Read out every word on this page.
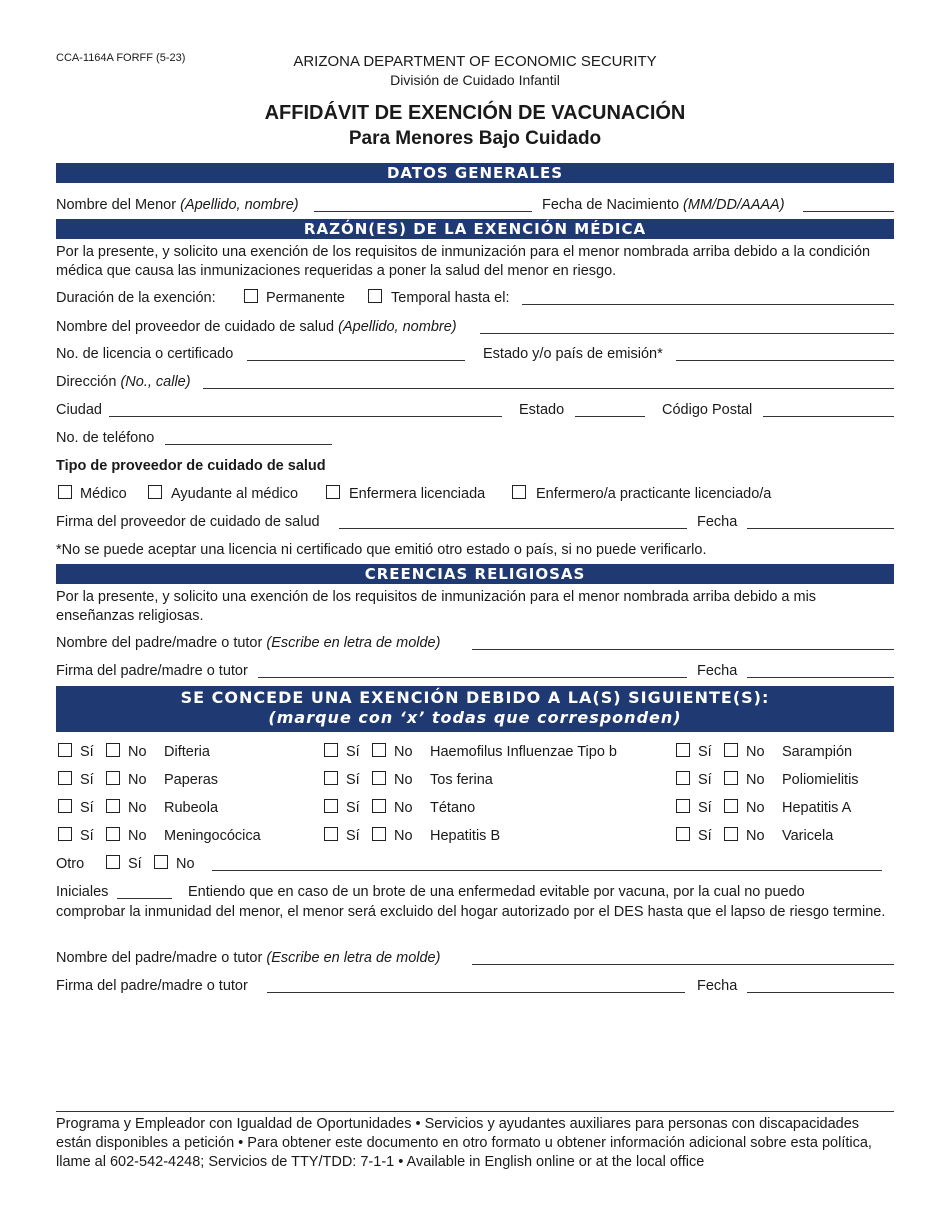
CCA-1164A FORFF (5-23)	ARIZONA DEPARTMENT OF ECONOMIC SECURITY
División de Cuidado Infantil
AFFIDÁVIT DE EXENCIÓN DE VACUNACIÓN
Para Menores Bajo Cuidado
DATOS GENERALES
Nombre del Menor (Apellido, nombre)	Fecha de Nacimiento (MM/DD/AAAA)
RAZÓN(ES) DE LA EXENCIÓN MÉDICA
Por la presente, y solicito una exención de los requisitos de inmunización para el menor nombrada arriba debido a la condición médica que causa las inmunizaciones requeridas a poner la salud del menor en riesgo.
Duración de la exención:	Permanente	Temporal hasta el:
Nombre del proveedor de cuidado de salud (Apellido, nombre)
No. de licencia o certificado	Estado y/o país de emisión*
Dirección (No., calle)
Ciudad	Estado	Código Postal
No. de teléfono
Tipo de proveedor de cuidado de salud
Médico	Ayudante al médico	Enfermera licenciada	Enfermero/a practicante licenciado/a
Firma del proveedor de cuidado de salud	Fecha
*No se puede aceptar una licencia ni certificado que emitió otro estado o país, si no puede verificarlo.
CREENCIAS RELIGIOSAS
Por la presente, y solicito una exención de los requisitos de inmunización para el menor nombrada arriba debido a mis enseñanzas religiosas.
Nombre del padre/madre o tutor (Escribe en letra de molde)
Firma del padre/madre o tutor	Fecha
SE CONCEDE UNA EXENCIÓN DEBIDO A LA(S) SIGUIENTE(S):
(marque con ‘x’ todas que corresponden)
Sí No Difteria	Sí No Haemofilus Influenzae Tipo b	Sí No Sarampión
Sí No Paperas	Sí No Tos ferina	Sí No Poliomielitis
Sí No Rubeola	Sí No Tétano	Sí No Hepatitis A
Sí No Meningocócica	Sí No Hepatitis B	Sí No Varicela
Otro	Sí No
Iniciales	Entiendo que en caso de un brote de una enfermedad evitable por vacuna, por la cual no puedo
comprobar la inmunidad del menor, el menor será excluido del hogar autorizado por el DES hasta que el lapso de riesgo termine.
Nombre del padre/madre o tutor (Escribe en letra de molde)
Firma del padre/madre o tutor	Fecha
Programa y Empleador con Igualdad de Oportunidades • Servicios y ayudantes auxiliares para personas con discapacidades están disponibles a petición • Para obtener este documento en otro formato u obtener información adicional sobre esta política, llame al 602-542-4248; Servicios de TTY/TDD: 7-1-1 • Available in English online or at the local office
